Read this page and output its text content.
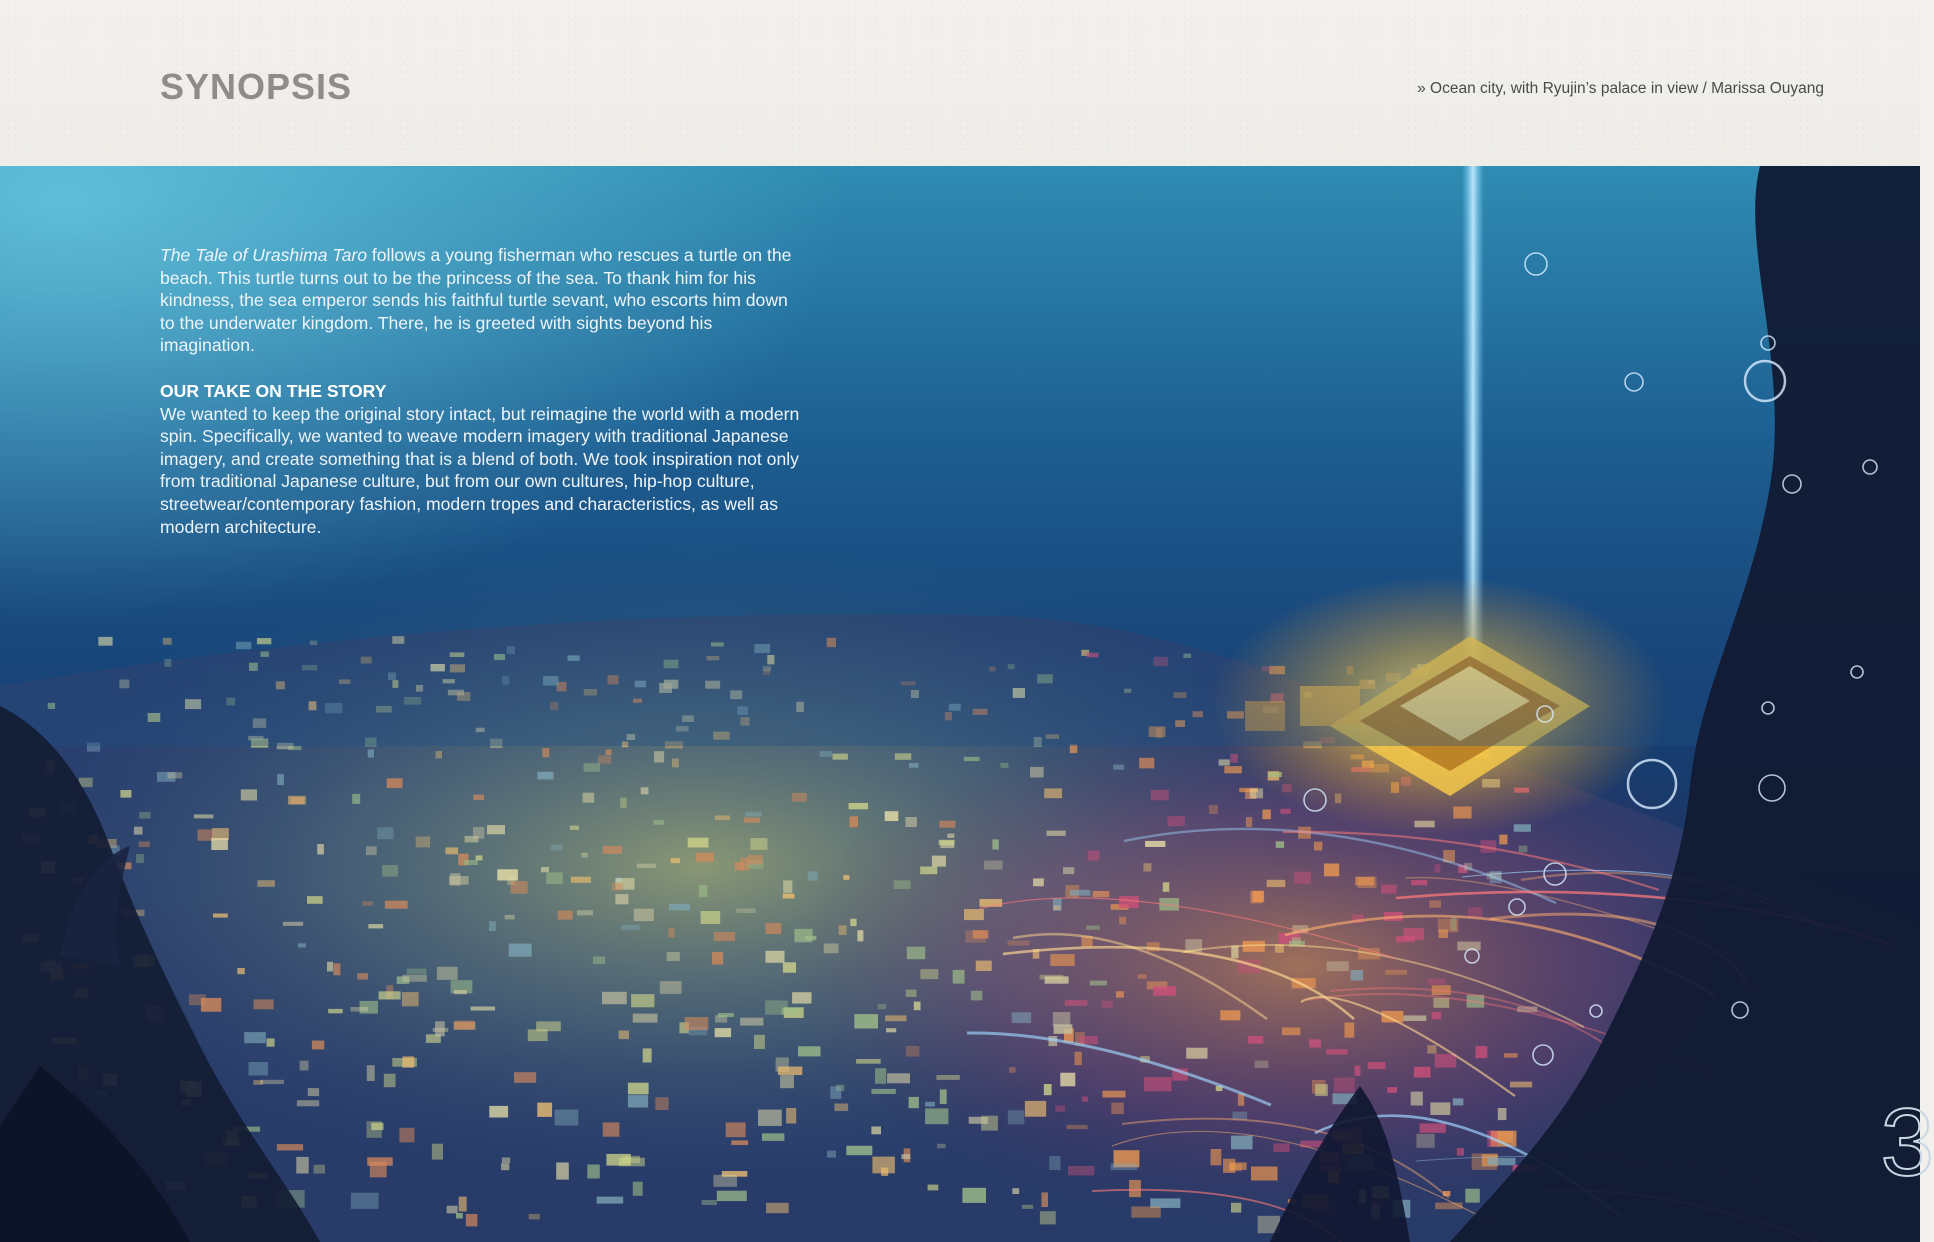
SYNOPSIS	» Ocean city, with Ryujin’s palace in view / Marissa Ouyang

The Tale of Urashima Taro follows a young fisherman who rescues a turtle on the beach. This turtle turns out to be the princess of the sea. To thank him for his kindness, the sea emperor sends his faithful turtle sevant, who escorts him down to the underwater kingdom. There, he is greeted with sights beyond his imagination.

OUR TAKE ON THE STORY

We wanted to keep the original story intact, but reimagine the world with a modern spin. Specifically, we wanted to weave modern imagery with traditional Japanese imagery, and create something that is a blend of both. We took inspiration not only from traditional Japanese culture, but from our own cultures, hip-hop culture, streetwear/contemporary fashion, modern tropes and characteristics, as well as modern architecture.

3
